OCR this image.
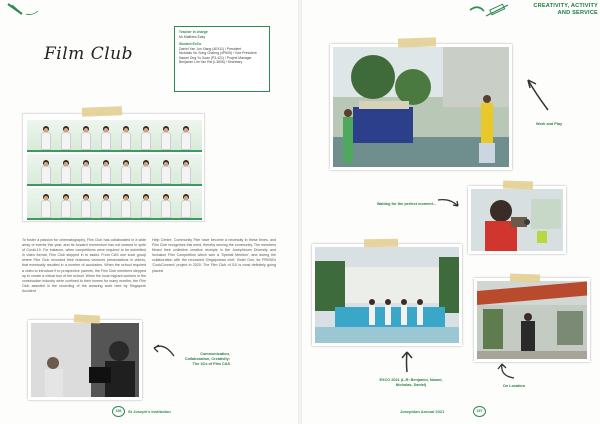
CREATIVITY, ACTIVITY
AND SERVICE
Film Club
Teacher in charge
Mr Matthew Easy
Student ExCo
Daniel Yan Jun Xiang (4E411) / President
Nicholas Ho Song Chahng (4P605) / Vice President
Naomi Ong Yu Xuan (P3-421) / Project Manager
Benjamin Lim Yan Rei (L3606) / Secretary
To foster a passion for cinematography, Film Club has collaborated in a wide array of events this year, and its forward momentum has not ceased in spite of Covid-19. For instance, when competitions were required to be submitted in video format, Film Club stepped in to assist. From CAS one such group where Film Club recorded their business ventures presentations in videos, that eventually resulted in a number of accolades. When the school required a video to introduce it to prospective parents, the Film Club members stepped up to create a virtual tour of the school. When the local migrant workers in the construction industry were confined to their homes for many months, the Film Club assisted in the recording of the amazing work held by Singapore Accident
Help Centre. Community Film have become a necessity in these times, and Film Club recognises this need, thereby serving the community. The members filmed their collective creative receipts in the Josephinum Diversity and Inclusion Film Competition which won a 'Special Mention', and during the collaboration with the renowned Singaporean chef, Violet Oon, for PRISM's 'CookConnect' project in 2020. The Film Club of SJI is most definitely going places!
Communication,
Collaboration, Creativity:
The 3Cs of Film CAS
Work and Play
Waiting for the perfect moment...
EXCO 2021 (L-R: Benjamin, Naomi,
Nicholas, Daniel)	On Location
156	St Joseph's Institution	Josephian Annual 2021	157
